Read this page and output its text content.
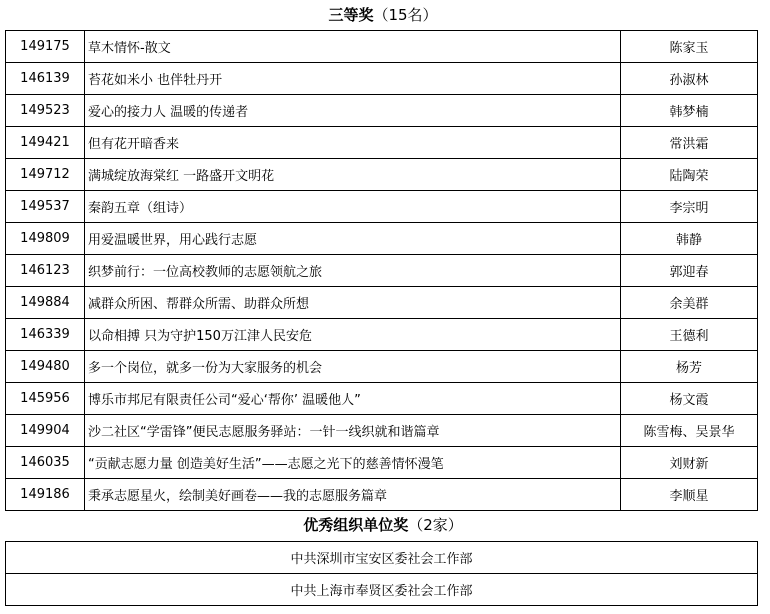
三等奖（15名）
149175	草木情怀-散文	陈家玉
146139	苔花如米小 也伴牡丹开	孙淑林
149523	爱心的接力人 温暖的传递者	韩梦楠
149421	但有花开暗香来	常洪霜
149712	满城绽放海棠红 一路盛开文明花	陆陶荣
149537	秦韵五章（组诗）	李宗明
149809	用爱温暖世界，用心践行志愿	韩静
146123	织梦前行：一位高校教师的志愿领航之旅	郭迎春
149884	减群众所困、帮群众所需、助群众所想	余美群
146339	以命相搏 只为守护150万江津人民安危	王德利
149480	多一个岗位，就多一份为大家服务的机会	杨芳
145956	博乐市邦尼有限责任公司“爱心‘帮你’ 温暖他人”	杨文霞
149904	沙二社区“学雷锋”便民志愿服务驿站：一针一线织就和谐篇章	陈雪梅、吴景华
146035	“贡献志愿力量 创造美好生活”——志愿之光下的慈善情怀漫笔	刘财新
149186	秉承志愿星火，绘制美好画卷——我的志愿服务篇章	李顺星
优秀组织单位奖（2家）
中共深圳市宝安区委社会工作部
中共上海市奉贤区委社会工作部
